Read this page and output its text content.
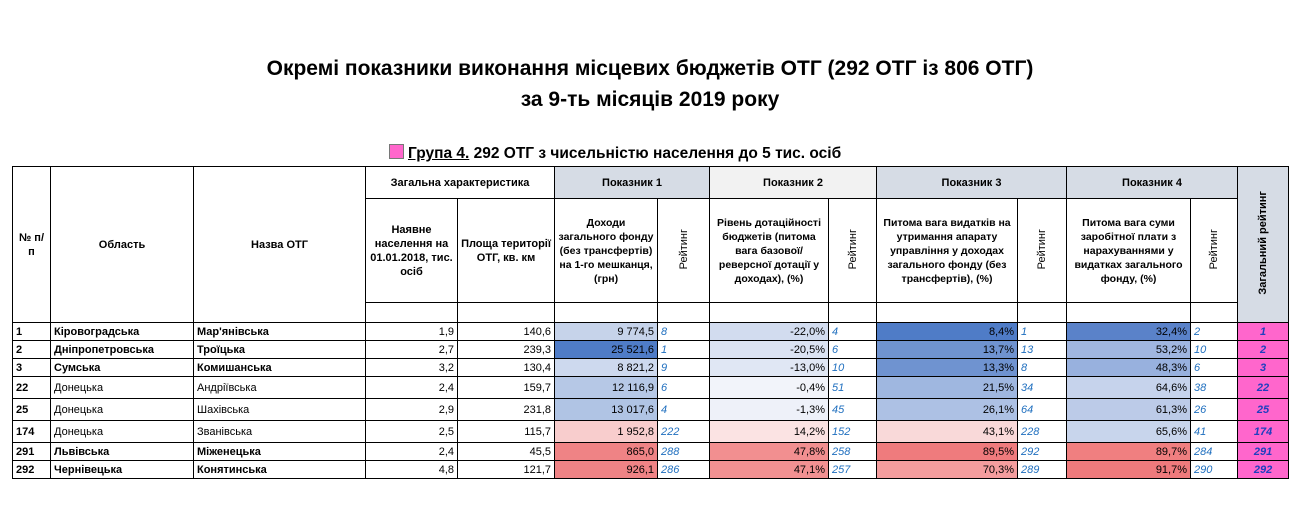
Окремі показники виконання місцевих бюджетів ОТГ (292 ОТГ із 806 ОТГ)
за 9-ть місяців 2019 року
Група 4. 292 ОТГ з чисельністю населення до 5 тис. осіб
№ п/п	Область	Назва ОТГ	Загальна характеристика		Показник 1		Показник 2		Показник 3		Показник 4		Загальний рейтинг
			Наявне населення на 01.01.2018, тис. осіб	Площа території ОТГ, кв. км	Доходи загального фонду (без трансфертів) на 1-го мешканця, (грн)	Рейтинг	Рівень дотаційності бюджетів (питома вага базової/ реверсної дотації у доходах), (%)	Рейтинг	Питома вага видатків на утримання апарату управління у доходах загального фонду (без трансфертів), (%)	Рейтинг	Питома вага суми заробітної плати з нарахуваннями у видатках загального фонду, (%)	Рейтинг	

1	Кіровоградська	Мар'янівська	1,9	140,6	9 774,5	8	-22,0%	4	8,4%	1	32,4%	2	1
2	Дніпропетровська	Троїцька	2,7	239,3	25 521,6	1	-20,5%	6	13,7%	13	53,2%	10	2
3	Сумська	Комишанська	3,2	130,4	8 821,2	9	-13,0%	10	13,3%	8	48,3%	6	3
22	Донецька	Андріївська	2,4	159,7	12 116,9	6	-0,4%	51	21,5%	34	64,6%	38	22
25	Донецька	Шахівська	2,9	231,8	13 017,6	4	-1,3%	45	26,1%	64	61,3%	26	25
174	Донецька	Званівська	2,5	115,7	1 952,8	222	14,2%	152	43,1%	228	65,6%	41	174
291	Львівська	Міженецька	2,4	45,5	865,0	288	47,8%	258	89,5%	292	89,7%	284	291
292	Чернівецька	Конятинська	4,8	121,7	926,1	286	47,1%	257	70,3%	289	91,7%	290	292
